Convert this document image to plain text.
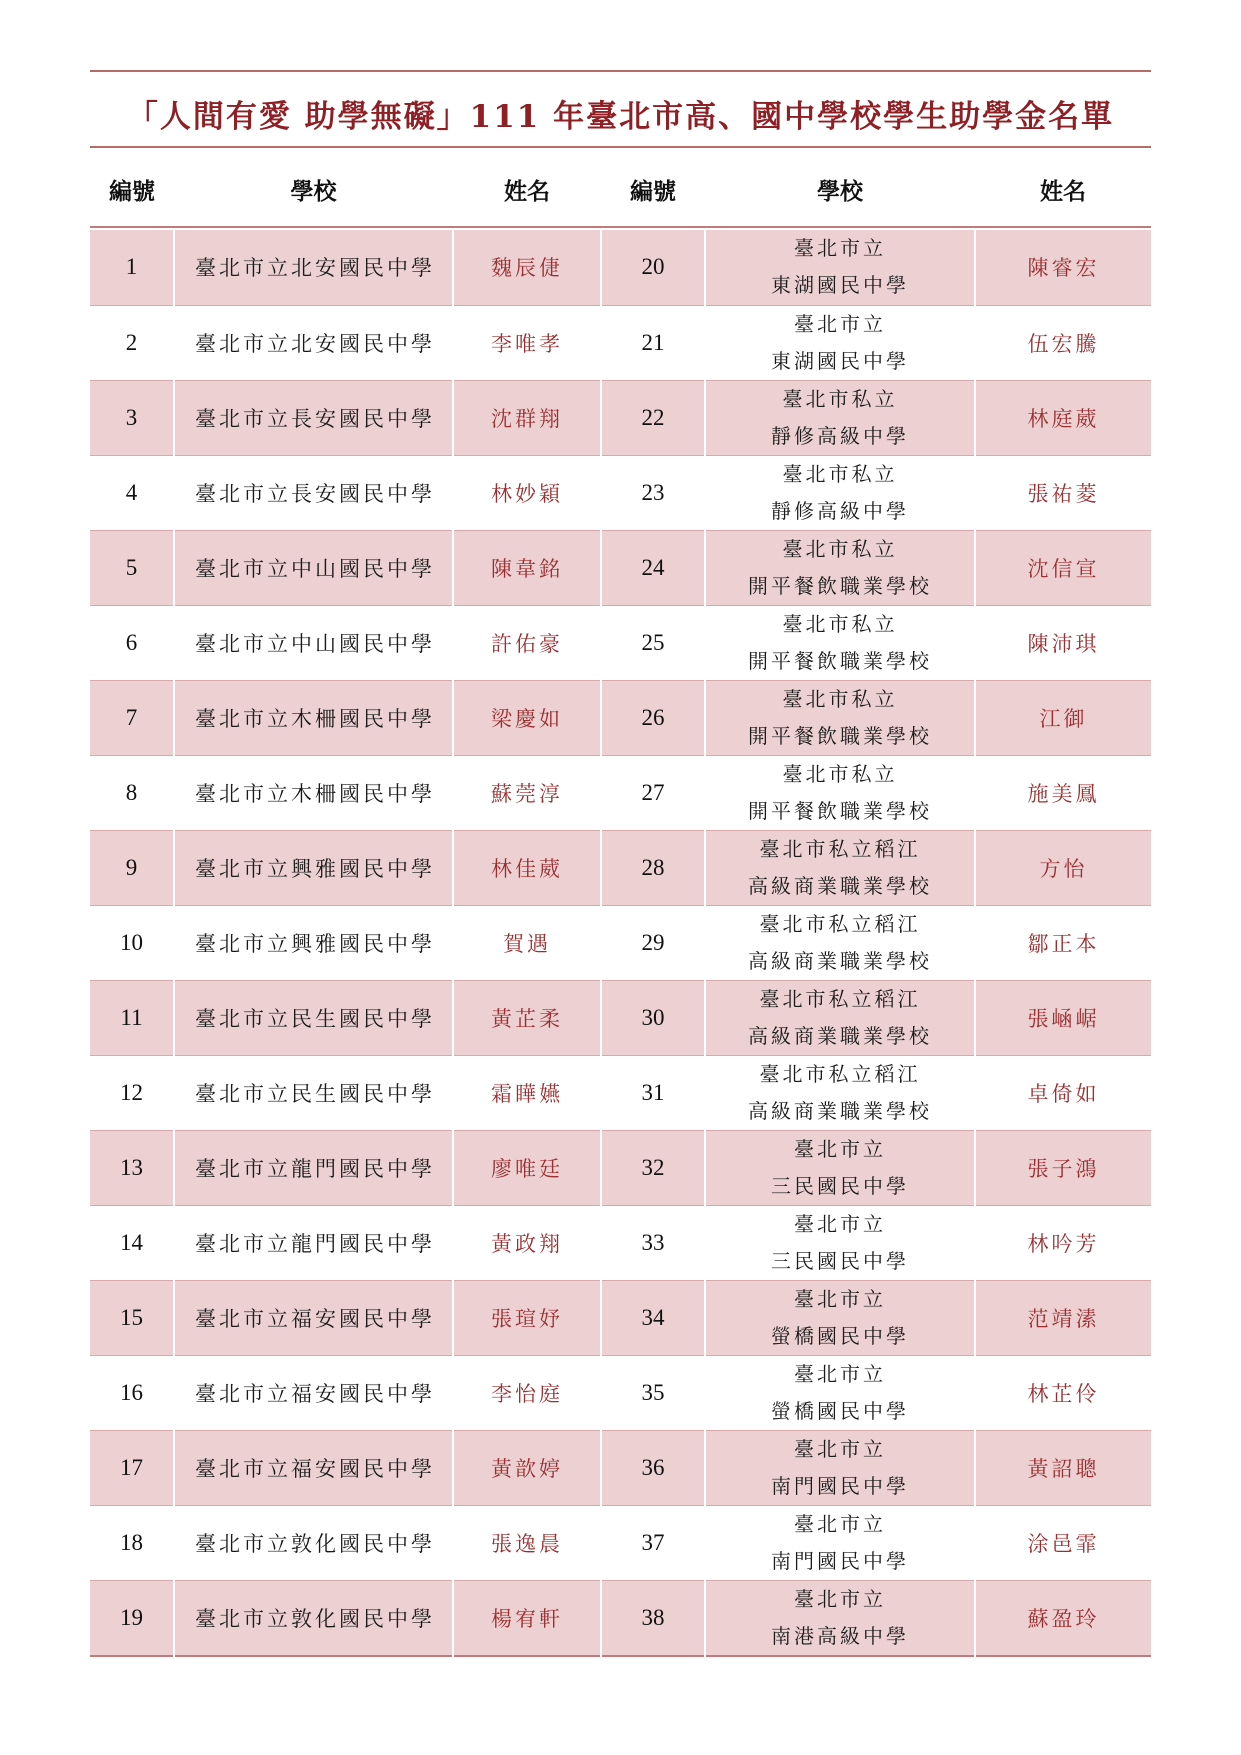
「人間有愛 助學無礙」111 年臺北市高、國中學校學生助學金名單
編號	學校	姓名	編號	學校	姓名

1	臺北市立北安國民中學	魏辰倢	20	臺北市立
東湖國民中學	陳睿宏
2	臺北市立北安國民中學	李唯孝	21	臺北市立
東湖國民中學	伍宏騰
3	臺北市立長安國民中學	沈群翔	22	臺北市私立
靜修高級中學	林庭葳
4	臺北市立長安國民中學	林妙穎	23	臺北市私立
靜修高級中學	張祐菱
5	臺北市立中山國民中學	陳韋銘	24	臺北市私立
開平餐飲職業學校	沈信宣
6	臺北市立中山國民中學	許佑豪	25	臺北市私立
開平餐飲職業學校	陳沛琪
7	臺北市立木柵國民中學	梁慶如	26	臺北市私立
開平餐飲職業學校	江御
8	臺北市立木柵國民中學	蘇莞淳	27	臺北市私立
開平餐飲職業學校	施美鳳
9	臺北市立興雅國民中學	林佳葳	28	臺北市私立稻江
高級商業職業學校	方怡
10	臺北市立興雅國民中學	賀遇	29	臺北市私立稻江
高級商業職業學校	鄒正本
11	臺北市立民生國民中學	黃芷柔	30	臺北市私立稻江
高級商業職業學校	張崡崌
12	臺北市立民生國民中學	霜瞱嬿	31	臺北市私立稻江
高級商業職業學校	卓倚如
13	臺北市立龍門國民中學	廖唯廷	32	臺北市立
三民國民中學	張子鴻
14	臺北市立龍門國民中學	黃政翔	33	臺北市立
三民國民中學	林吟芳
15	臺北市立福安國民中學	張瑄妤	34	臺北市立
螢橋國民中學	范靖溸
16	臺北市立福安國民中學	李怡庭	35	臺北市立
螢橋國民中學	林芷伶
17	臺北市立福安國民中學	黃歆婷	36	臺北市立
南門國民中學	黃詔聰
18	臺北市立敦化國民中學	張逸晨	37	臺北市立
南門國民中學	涂邑霏
19	臺北市立敦化國民中學	楊宥軒	38	臺北市立
南港高級中學	蘇盈玲
